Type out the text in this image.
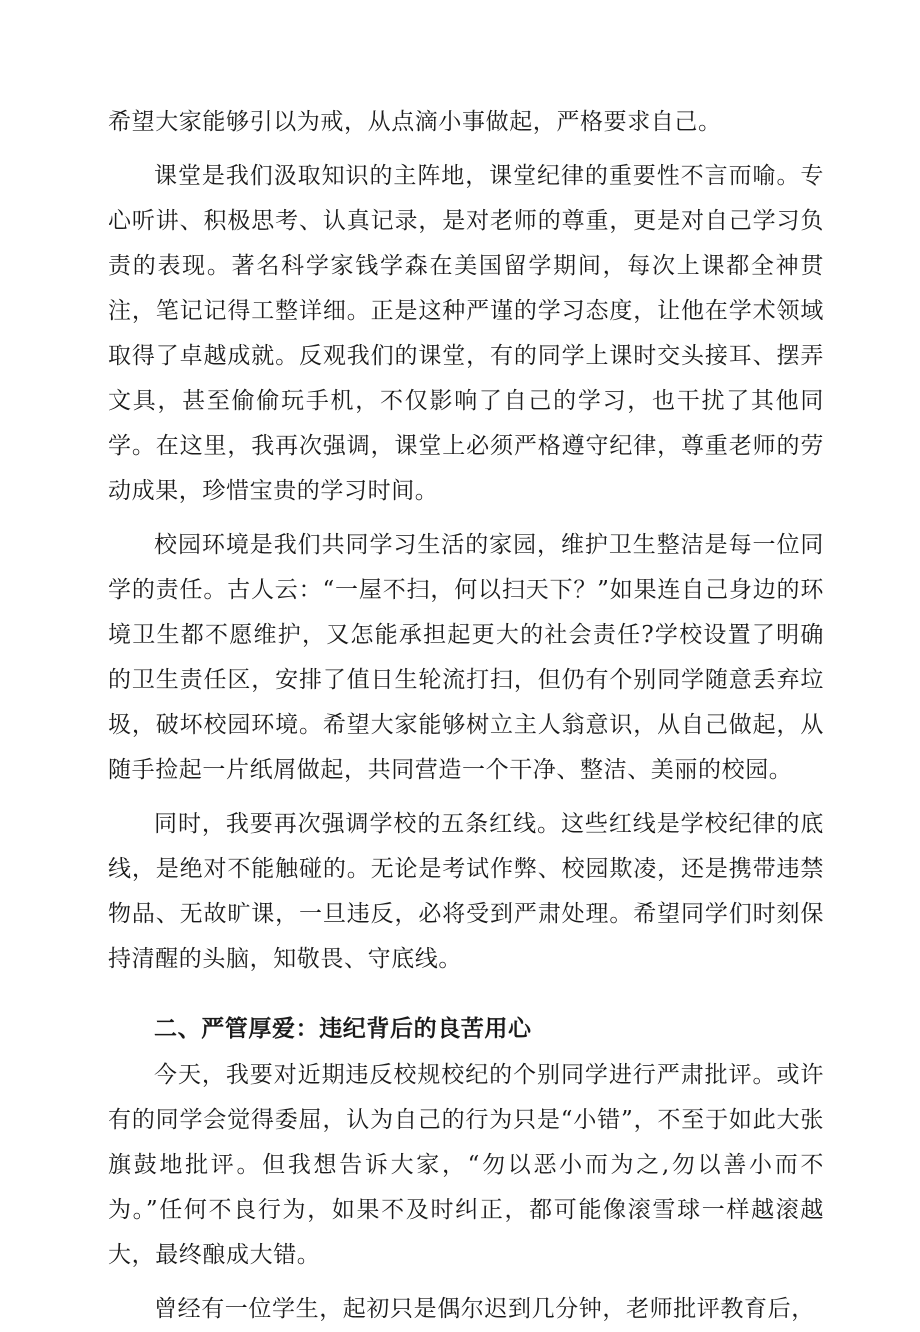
希望大家能够引以为戒，从点滴小事做起，严格要求自己。

课堂是我们汲取知识的主阵地，课堂纪律的重要性不言而喻。专心听讲、积极思考、认真记录，是对老师的尊重，更是对自己学习负责的表现。著名科学家钱学森在美国留学期间，每次上课都全神贯注，笔记记得工整详细。正是这种严谨的学习态度，让他在学术领域取得了卓越成就。反观我们的课堂，有的同学上课时交头接耳、摆弄文具，甚至偷偷玩手机，不仅影响了自己的学习，也干扰了其他同学。在这里，我再次强调，课堂上必须严格遵守纪律，尊重老师的劳动成果，珍惜宝贵的学习时间。

校园环境是我们共同学习生活的家园，维护卫生整洁是每一位同学的责任。古人云：“一屋不扫，何以扫天下？”如果连自己身边的环境卫生都不愿维护，又怎能承担起更大的社会责任?学校设置了明确的卫生责任区，安排了值日生轮流打扫，但仍有个别同学随意丢弃垃圾，破坏校园环境。希望大家能够树立主人翁意识，从自己做起，从随手捡起一片纸屑做起，共同营造一个干净、整洁、美丽的校园。

同时，我要再次强调学校的五条红线。这些红线是学校纪律的底线，是绝对不能触碰的。无论是考试作弊、校园欺凌，还是携带违禁物品、无故旷课，一旦违反，必将受到严肃处理。希望同学们时刻保持清醒的头脑，知敬畏、守底线。

二、严管厚爱：违纪背后的良苦用心

今天，我要对近期违反校规校纪的个别同学进行严肃批评。或许有的同学会觉得委屈，认为自己的行为只是“小错”，不至于如此大张旗鼓地批评。但我想告诉大家，“勿以恶小而为之,勿以善小而不为。”任何不良行为，如果不及时纠正，都可能像滚雪球一样越滚越大，最终酿成大错。

曾经有一位学生，起初只是偶尔迟到几分钟，老师批评教育后，
